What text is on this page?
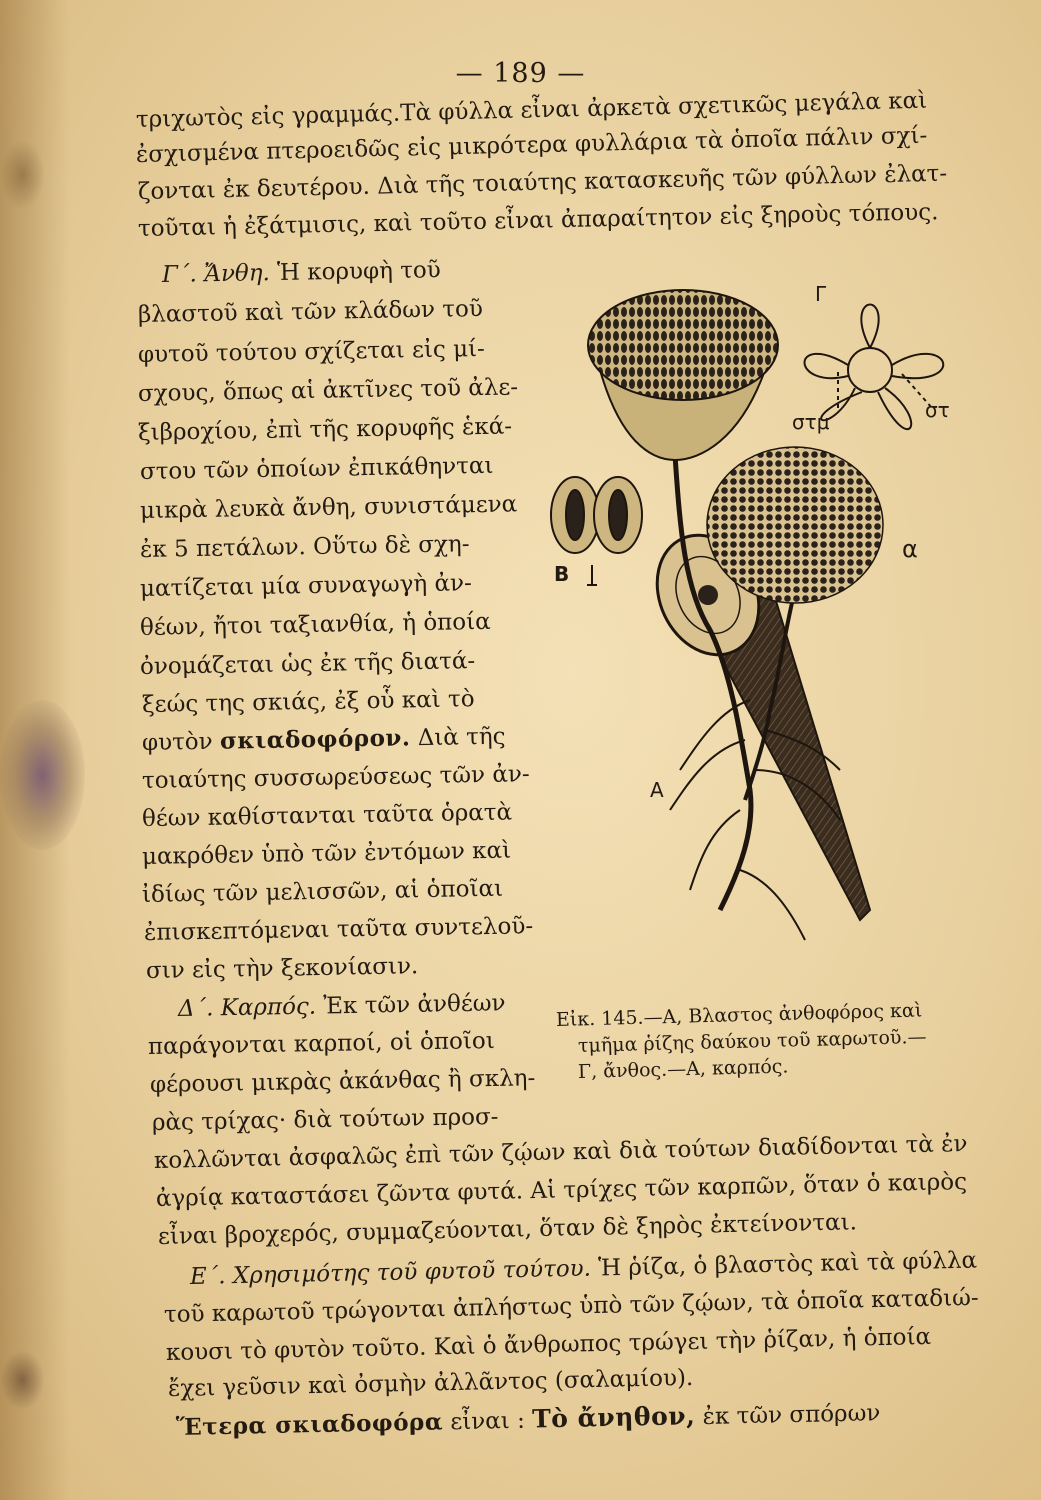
— 189 —

τριχωτὸς εἰς γραμμάς.Τὰ φύλλα εἶναι ἀρκετὰ σχετικῶς μεγάλα καὶ

ἐσχισμένα πτεροειδῶς εἰς μικρότερα φυλλάρια τὰ ὁποῖα πάλιν σχί-

ζονται ἐκ δευτέρου. Διὰ τῆς τοιαύτης κατασκευῆς τῶν φύλλων ἐλατ-

τοῦται ἡ ἐξάτμισις, καὶ τοῦτο εἶναι ἀπαραίτητον εἰς ξηροὺς τόπους.

Γ΄. Ἄνθη. Ἡ κορυφὴ τοῦ

βλαστοῦ καὶ τῶν κλάδων τοῦ

φυτοῦ τούτου σχίζεται εἰς μί-

σχους, ὅπως αἱ ἀκτῖνες τοῦ ἀλε-

ξιβροχίου, ἐπὶ τῆς κορυφῆς ἑκά-

στου τῶν ὁποίων ἐπικάθηνται

μικρὰ λευκὰ ἄνθη, συνιστάμενα

ἐκ 5 πετάλων. Οὕτω δὲ σχη-

ματίζεται μία συναγωγὴ ἀν-

θέων, ἤτοι ταξιανθία, ἡ ὁποία

ὀνομάζεται ὡς ἐκ τῆς διατά-

ξεώς της σκιάς, ἐξ οὗ καὶ τὸ

φυτὸν σκιαδοφόρον. Διὰ τῆς

τοιαύτης συσσωρεύσεως τῶν ἀν-

θέων καθίστανται ταῦτα ὁρατὰ

μακρόθεν ὑπὸ τῶν ἐντόμων καὶ

ἰδίως τῶν μελισσῶν, αἱ ὁποῖαι

ἐπισκεπτόμεναι ταῦτα συντελοῦ-

σιν εἰς τὴν ξεκονίασιν.

Δ΄. Καρπός. Ἐκ τῶν ἀνθέων

παράγονται καρποί, οἱ ὁποῖοι

φέρουσι μικρὰς ἀκάνθας ἢ σκλη-

ρὰς τρίχας· διὰ τούτων προσ-

κολλῶνται ἀσφαλῶς ἐπὶ τῶν ζῴων καὶ διὰ τούτων διαδίδονται τὰ ἐν

ἀγρίᾳ καταστάσει ζῶντα φυτά. Αἱ τρίχες τῶν καρπῶν, ὅταν ὁ καιρὸς

εἶναι βροχερός, συμμαζεύονται, ὅταν δὲ ξηρὸς ἐκτείνονται.

Ε΄. Χρησιμότης τοῦ φυτοῦ τούτου. Ἡ ῥίζα, ὁ βλαστὸς καὶ τὰ φύλλα

τοῦ καρωτοῦ τρώγονται ἀπλήστως ὑπὸ τῶν ζῴων, τὰ ὁποῖα καταδιώ-

κουσι τὸ φυτὸν τοῦτο. Καὶ ὁ ἄνθρωπος τρώγει τὴν ῥίζαν, ἡ ὁποία

ἔχει γεῦσιν καὶ ὀσμὴν ἀλλᾶντος (σαλαμίου).

Ἕτερα σκιαδοφόρα εἶναι : Τὸ ἄνηθον, ἐκ τῶν σπόρων

Γ
στμ	στ
α
Β
Α
Εἰκ. 145.—Α, Βλαστος ἀνθοφόρος καὶ
τμῆμα ῥίζης δαύκου τοῦ καρωτοῦ.—
Γ, ἄνθος.—Α, καρπός.
